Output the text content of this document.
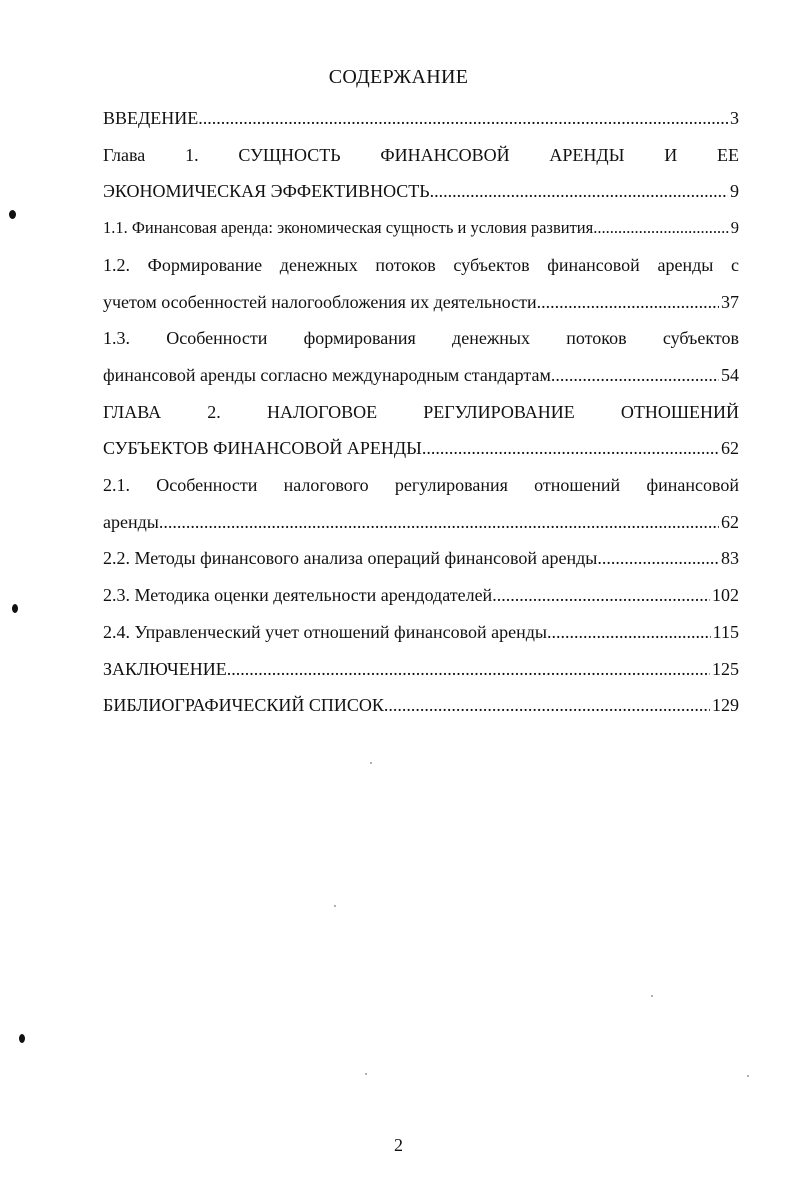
СОДЕРЖАНИЕ
ВВЕДЕНИЕ .....	3
Глава 1. СУЩНОСТЬ ФИНАНСОВОЙ АРЕНДЫ И ЕЕ
ЭКОНОМИЧЕСКАЯ ЭФФЕКТИВНОСТЬ .....	9
1.1. Финансовая аренда: экономическая сущность и условия развития .....	9
1.2. Формирование денежных потоков субъектов финансовой аренды с
учетом особенностей налогообложения их деятельности .....	37
1.3. Особенности формирования денежных потоков субъектов
финансовой аренды согласно международным стандартам .....	54
ГЛАВА 2. НАЛОГОВОЕ РЕГУЛИРОВАНИЕ ОТНОШЕНИЙ
СУБЪЕКТОВ ФИНАНСОВОЙ АРЕНДЫ .....	62
2.1. Особенности налогового регулирования отношений финансовой
аренды .....	62
2.2. Методы финансового анализа операций финансовой аренды .....	83
2.3. Методика оценки деятельности арендодателей .....	102
2.4. Управленческий учет отношений финансовой аренды .....	115
ЗАКЛЮЧЕНИЕ .....	125
БИБЛИОГРАФИЧЕСКИЙ СПИСОК .....	129
2
